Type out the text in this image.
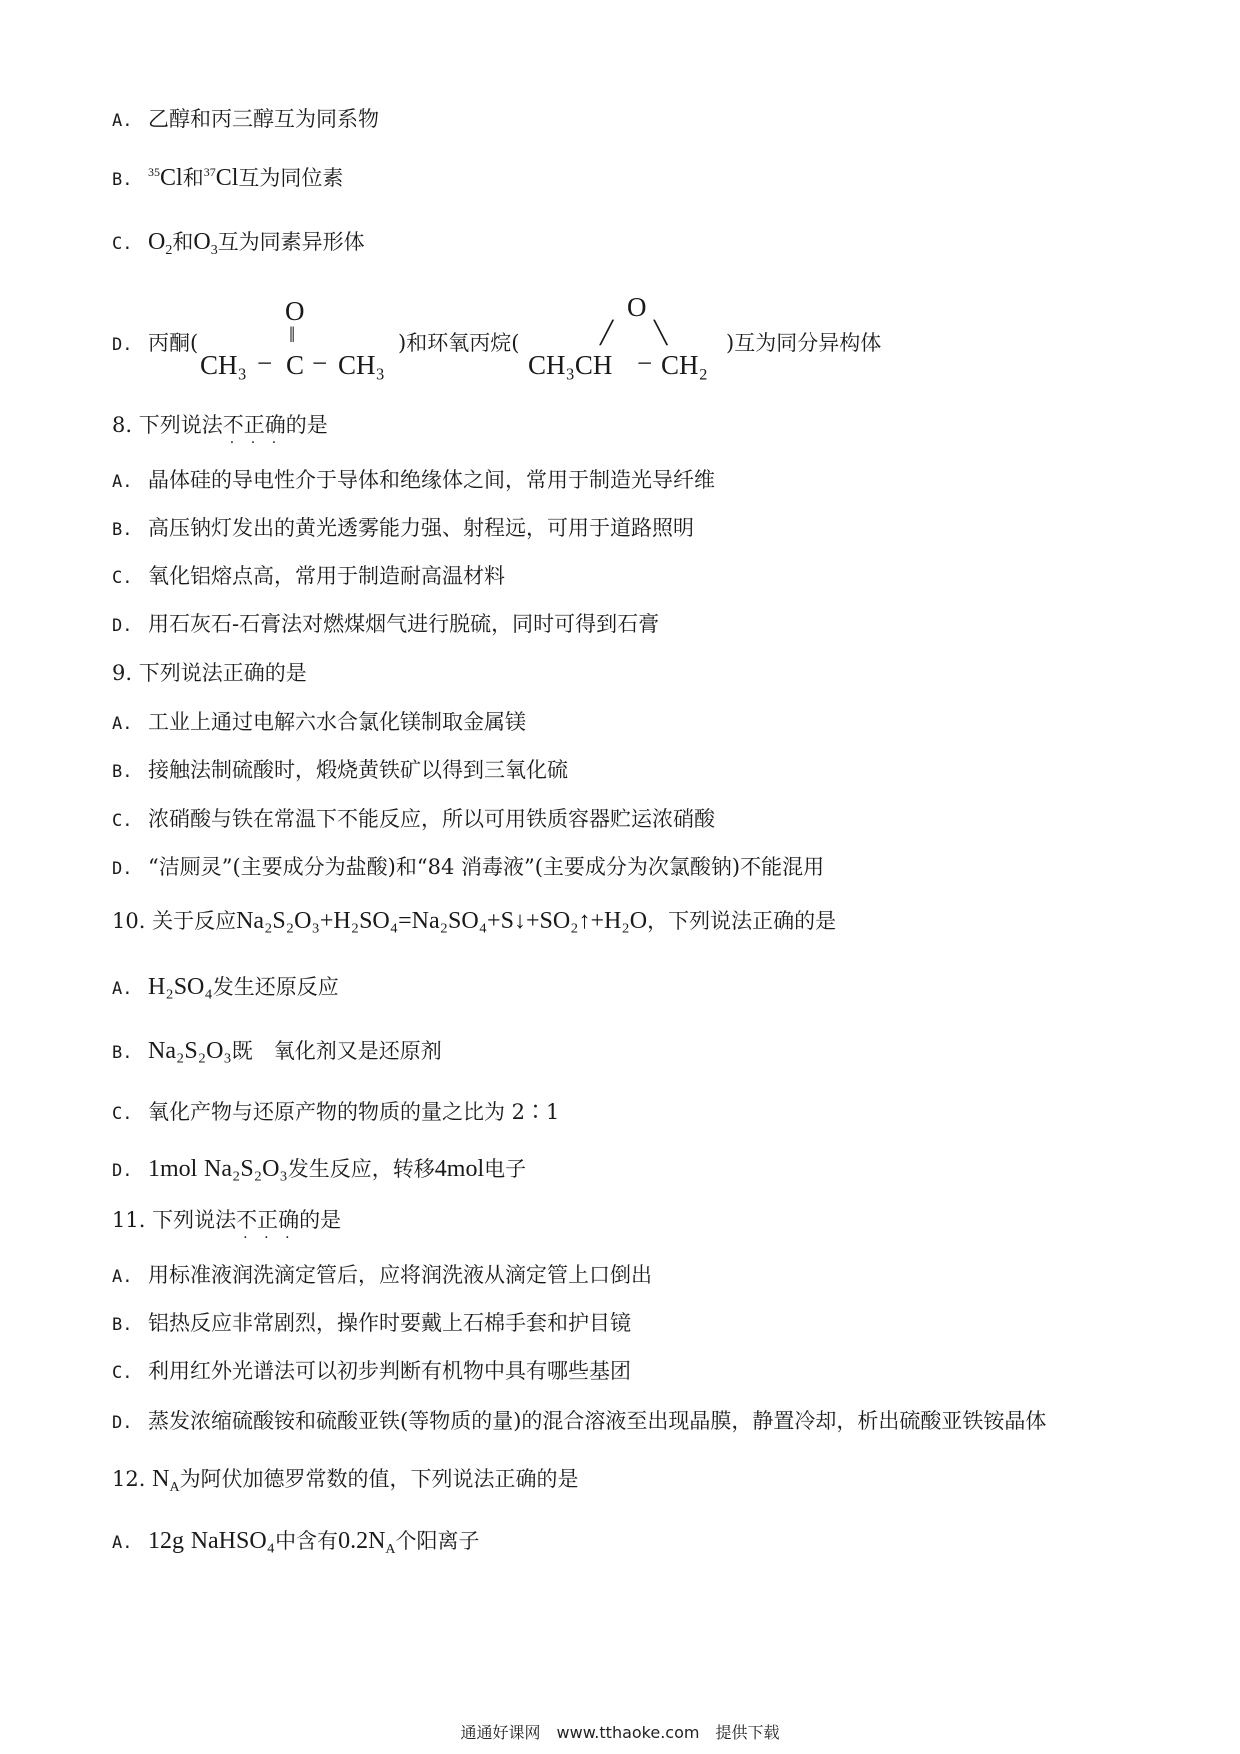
A. 乙醇和丙三醇互为同系物
B. $^{35}$Cl和$^{37}$Cl互为同位素
C. $O_2$和$O_3$互为同素异形体
D. 丙酮(
O
‖
CH₃ − C − CH₃
)和环氧丙烷(
O
╱ ╲
CH₃CH − CH₂
)互为同分异构体
8. 下列说法不正确
· · ·
的是
A. 晶体硅的导电性介于导体和绝缘体之间，常用于制造光导纤维
B. 高压钠灯发出的黄光透雾能力强、射程远，可用于道路照明
C. 氧化铝熔点高，常用于制造耐高温材料
D. 用石灰石-石膏法对燃煤烟气进行脱硫，同时可得到石膏
9. 下列说法正确的是
A. 工业上通过电解六水合氯化镁制取金属镁
B. 接触法制硫酸时，煅烧黄铁矿以得到三氧化硫
C. 浓硝酸与铁在常温下不能反应，所以可用铁质容器贮运浓硝酸
D. “洁厕灵”(主要成分为盐酸)和“84 消毒液”(主要成分为次氯酸钠)不能混用
10. 关于反应Na₂S₂O₃+H₂SO₄=Na₂SO₄+S↓+SO₂↑+H₂O，下列说法正确的是
A. H₂SO₄发生还原反应
B. Na₂S₂O₃既　氧化剂又是还原剂
C. 氧化产物与还原产物的物质的量之比为 2∶1
D. 1mol Na₂S₂O₃发生反应，转移4mol电子
11. 下列说法不正确
· · ·
的是
A. 用标准液润洗滴定管后，应将润洗液从滴定管上口倒出
B. 铝热反应非常剧烈，操作时要戴上石棉手套和护目镜
C. 利用红外光谱法可以初步判断有机物中具有哪些基团
D. 蒸发浓缩硫酸铵和硫酸亚铁(等物质的量)的混合溶液至出现晶膜，静置冷却，析出硫酸亚铁铵晶体
12. $N_A$为阿伏加德罗常数的值，下列说法正确的是
A. 12g NaHSO₄中含有$0.2N_A$个阳离子
通通好课网　www.tthaoke.com　提供下载
